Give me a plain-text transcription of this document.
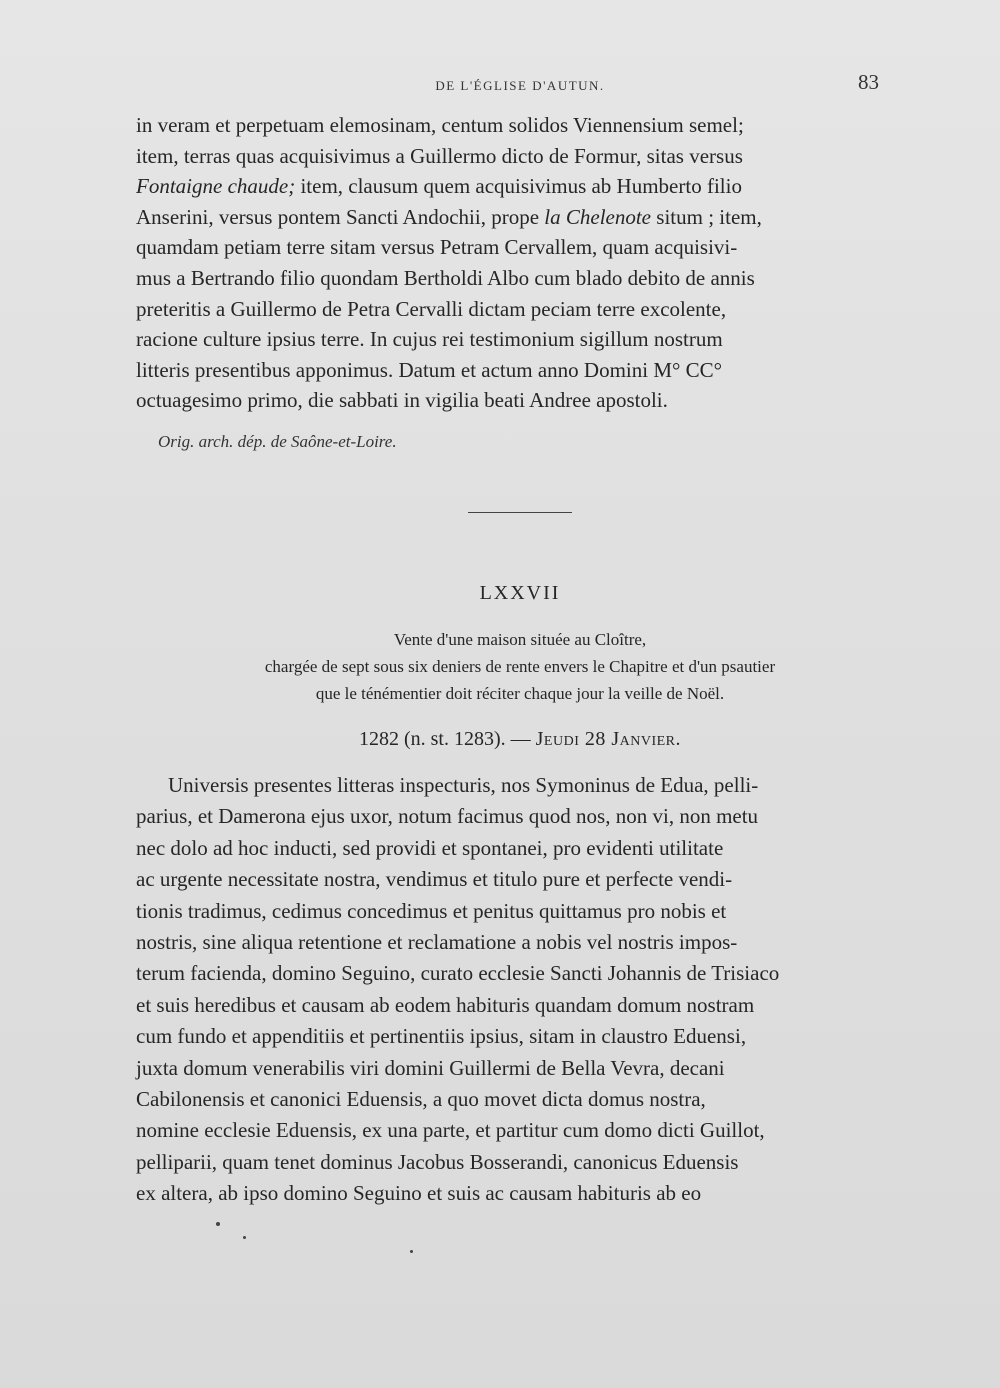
DE L'ÉGLISE D'AUTUN.	83
in veram et perpetuam elemosinam, centum solidos Viennensium semel;
item, terras quas acquisivimus a Guillermo dicto de Formur, sitas versus
Fontaigne chaude; item, clausum quem acquisivimus ab Humberto filio
Anserini, versus pontem Sancti Andochii, prope la Chelenote situm ; item,
quamdam petiam terre sitam versus Petram Cervallem, quam acquisivi-
mus a Bertrando filio quondam Bertholdi Albo cum blado debito de annis
preteritis a Guillermo de Petra Cervalli dictam peciam terre excolente,
racione culture ipsius terre. In cujus rei testimonium sigillum nostrum
litteris presentibus apponimus. Datum et actum anno Domini M° CC°
octuagesimo primo, die sabbati in vigilia beati Andree apostoli.
Orig. arch. dép. de Saône-et-Loire.
LXXVII
Vente d'une maison située au Cloître,
chargée de sept sous six deniers de rente envers le Chapitre et d'un psautier
que le ténémentier doit réciter chaque jour la veille de Noël.
1282 (n. st. 1283). — Jeudi 28 Janvier.
Universis presentes litteras inspecturis, nos Symoninus de Edua, pelli-
parius, et Damerona ejus uxor, notum facimus quod nos, non vi, non metu
nec dolo ad hoc inducti, sed providi et spontanei, pro evidenti utilitate
ac urgente necessitate nostra, vendimus et titulo pure et perfecte vendi-
tionis tradimus, cedimus concedimus et penitus quittamus pro nobis et
nostris, sine aliqua retentione et reclamatione a nobis vel nostris impos-
terum facienda, domino Seguino, curato ecclesie Sancti Johannis de Trisiaco
et suis heredibus et causam ab eodem habituris quandam domum nostram
cum fundo et appenditiis et pertinentiis ipsius, sitam in claustro Eduensi,
juxta domum venerabilis viri domini Guillermi de Bella Vevra, decani
Cabilonensis et canonici Eduensis, a quo movet dicta domus nostra,
nomine ecclesie Eduensis, ex una parte, et partitur cum domo dicti Guillot,
pelliparii, quam tenet dominus Jacobus Bosserandi, canonicus Eduensis
ex altera, ab ipso domino Seguino et suis ac causam habituris ab eo
